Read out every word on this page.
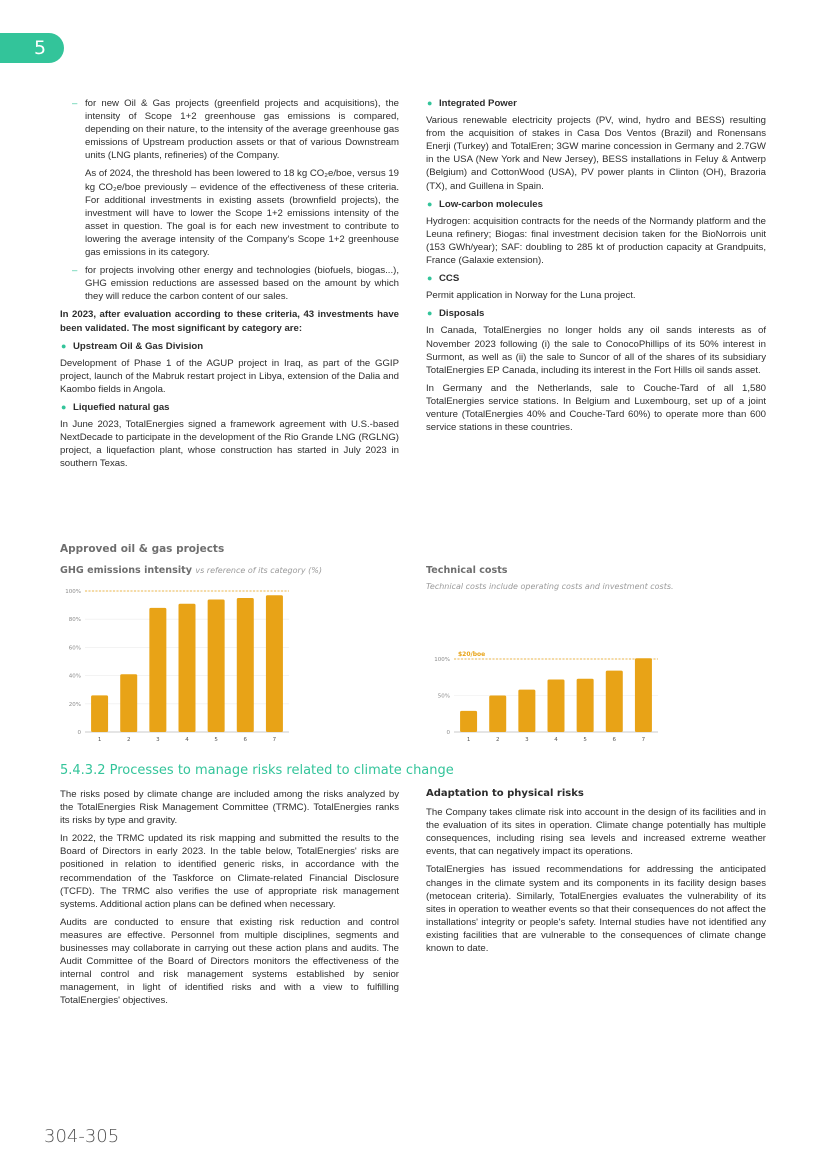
5
– for new Oil & Gas projects (greenfield projects and acquisitions), the intensity of Scope 1+2 greenhouse gas emissions is compared, depending on their nature, to the intensity of the average greenhouse gas emissions of Upstream production assets or that of various Downstream units (LNG plants, refineries) of the Company.

As of 2024, the threshold has been lowered to 18 kg CO₂e/boe, versus 19 kg CO₂e/boe previously – evidence of the effectiveness of these criteria. For additional investments in existing assets (brownfield projects), the investment will have to lower the Scope 1+2 emissions intensity of the asset in question. The goal is for each new investment to contribute to lowering the average intensity of the Company's Scope 1+2 greenhouse gas emissions in its category.

– for projects involving other energy and technologies (biofuels, biogas...), GHG emission reductions are assessed based on the amount by which they will reduce the carbon content of our sales.

In 2023, after evaluation according to these criteria, 43 investments have been validated. The most significant by category are:

● Upstream Oil & Gas Division

Development of Phase 1 of the AGUP project in Iraq, as part of the GGIP project, launch of the Mabruk restart project in Libya, extension of the Dalia and Kaombo fields in Angola.

● Liquefied natural gas

In June 2023, TotalEnergies signed a framework agreement with U.S.-based NextDecade to participate in the development of the Rio Grande LNG (RGLNG) project, a liquefaction plant, whose construction has started in July 2023 in southern Texas.

● Integrated Power

Various renewable electricity projects (PV, wind, hydro and BESS) resulting from the acquisition of stakes in Casa Dos Ventos (Brazil) and Ronensans Enerji (Turkey) and TotalEren; 3GW marine concession in Germany and 2.7GW in the USA (New York and New Jersey), BESS installations in Feluy & Antwerp (Belgium) and CottonWood (USA), PV power plants in Clinton (OH), Brazoria (TX), and Guillena in Spain.

● Low-carbon molecules

Hydrogen: acquisition contracts for the needs of the Normandy platform and the Leuna refinery; Biogas: final investment decision taken for the BioNorrois unit (153 GWh/year); SAF: doubling to 285 kt of production capacity at Grandpuits, France (Galaxie extension).

● CCS

Permit application in Norway for the Luna project.

● Disposals

In Canada, TotalEnergies no longer holds any oil sands interests as of November 2023 following (i) the sale to ConocoPhillips of its 50% interest in Surmont, as well as (ii) the sale to Suncor of all of the shares of its subsidiary TotalEnergies EP Canada, including its interest in the Fort Hills oil sands asset.

In Germany and the Netherlands, sale to Couche-Tard of all 1,580 TotalEnergies service stations. In Belgium and Luxembourg, set up of a joint venture (TotalEnergies 40% and Couche-Tard 60%) to operate more than 600 service stations in these countries.

Approved oil & gas projects
GHG emissions intensity vs reference of its category (%)	Technical costs
Technical costs include operating costs and investment costs.
0
20%
40%
60%
80%
100%
1	2	3	4	5	6	7
0
50%
100%
$20/boe
1	2	3	4	5	6	7
5.4.3.2 Processes to manage risks related to climate change

The risks posed by climate change are included among the risks analyzed by the TotalEnergies Risk Management Committee (TRMC). TotalEnergies ranks its risks by type and gravity.

In 2022, the TRMC updated its risk mapping and submitted the results to the Board of Directors in early 2023. In the table below, TotalEnergies' risks are positioned in relation to identified generic risks, in accordance with the recommendation of the Taskforce on Climate-related Financial Disclosure (TCFD). The TRMC also verifies the use of appropriate risk management systems. Additional action plans can be defined when necessary.

Audits are conducted to ensure that existing risk reduction and control measures are effective. Personnel from multiple disciplines, segments and businesses may collaborate in carrying out these action plans and audits. The Audit Committee of the Board of Directors monitors the effectiveness of the internal control and risk management systems established by senior management, in light of identified risks and with a view to fulfilling TotalEnergies' objectives.

Adaptation to physical risks

The Company takes climate risk into account in the design of its facilities and in the evaluation of its sites in operation. Climate change potentially has multiple consequences, including rising sea levels and increased extreme weather events, that can negatively impact its operations.

TotalEnergies has issued recommendations for addressing the anticipated changes in the climate system and its components in its facility design bases (metocean criteria). Similarly, TotalEnergies evaluates the vulnerability of its sites in operation to weather events so that their consequences do not affect the installations' integrity or people's safety. Internal studies have not identified any existing facilities that are vulnerable to the consequences of climate change known to date.

304-305
